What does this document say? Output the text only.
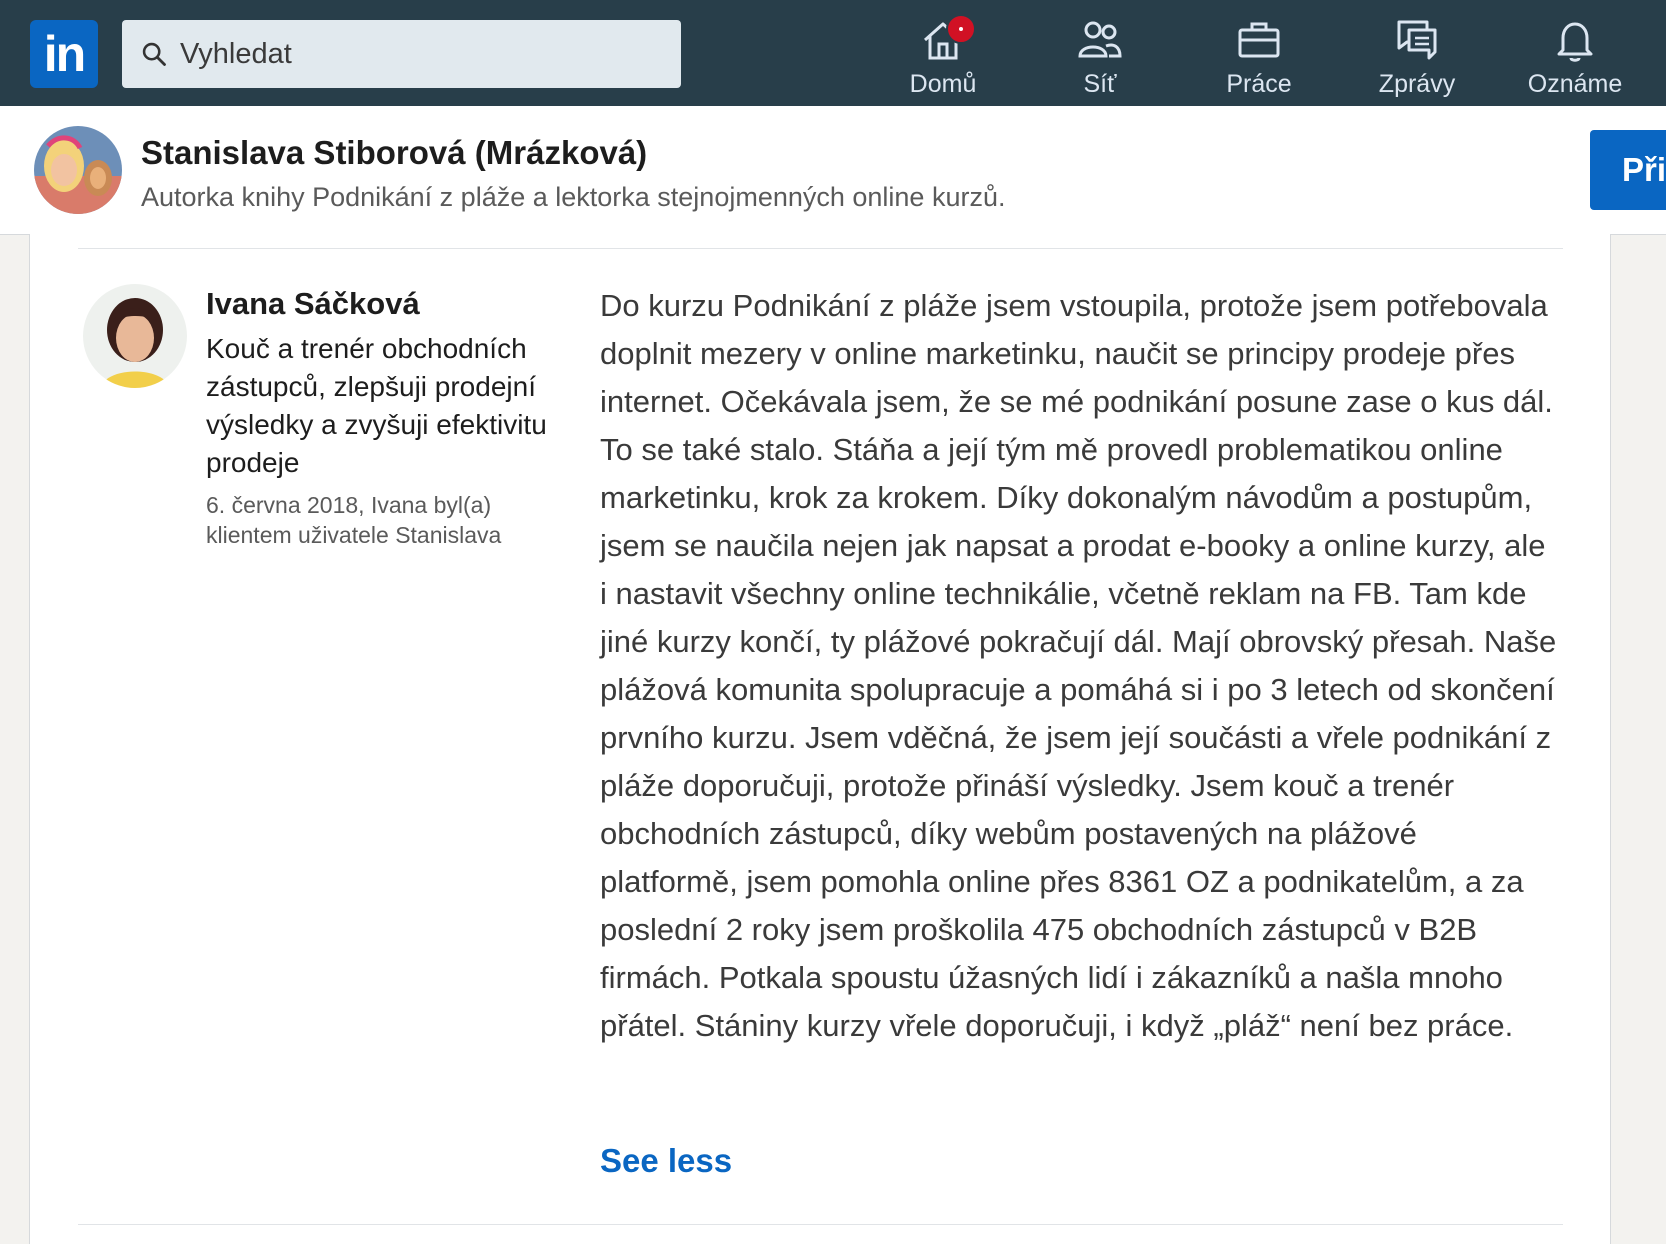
in
Vyhledat
Domů	Síť	Práce	Zprávy	Oznáme
Stanislava Stiborová (Mrázková)
Autorka knihy Podnikání z pláže a lektorka stejnojmenných online kurzů.
Při
Ivana Sáčková
Kouč a trenér obchodních zástupců, zlepšuji prodejní výsledky a zvyšuji efektivitu prodeje
6. června 2018, Ivana byl(a) klientem uživatele Stanislava
Do kurzu Podnikání z pláže jsem vstoupila, protože jsem potřebovala doplnit mezery v online marketinku, naučit se principy prodeje přes internet. Očekávala jsem, že se mé podnikání posune zase o kus dál. To se také stalo. Stáňa a její tým mě provedl problematikou online marketinku, krok za krokem. Díky dokonalým návodům a postupům, jsem se naučila nejen jak napsat a prodat e-booky a online kurzy, ale i nastavit všechny online technikálie, včetně reklam na FB. Tam kde jiné kurzy končí, ty plážové pokračují dál. Mají obrovský přesah. Naše plážová komunita spolupracuje a pomáhá si i po 3 letech od skončení prvního kurzu. Jsem vděčná, že jsem její součásti a vřele podnikání z pláže doporučuji, protože přináší výsledky. Jsem kouč a trenér obchodních zástupců, díky webům postavených na plážové platformě, jsem pomohla online přes 8361 OZ a podnikatelům, a za poslední 2 roky jsem proškolila 475 obchodních zástupců v B2B firmách. Potkala spoustu úžasných lidí i zákazníků a našla mnoho přátel. Stániny kurzy vřele doporučuji, i když „pláž“ není bez práce.
See less
